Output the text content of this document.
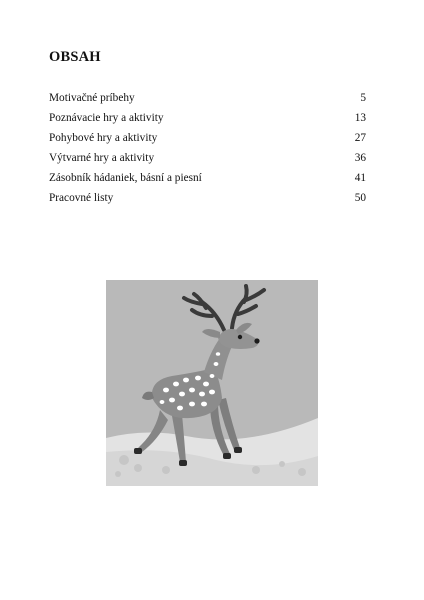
OBSAH
Motivačné príbehy	5
Poznávacie hry a aktivity	13
Pohybové hry a aktivity	27
Výtvarné hry a aktivity	36
Zásobník hádaniek, básní a piesní	41
Pracovné listy	50
